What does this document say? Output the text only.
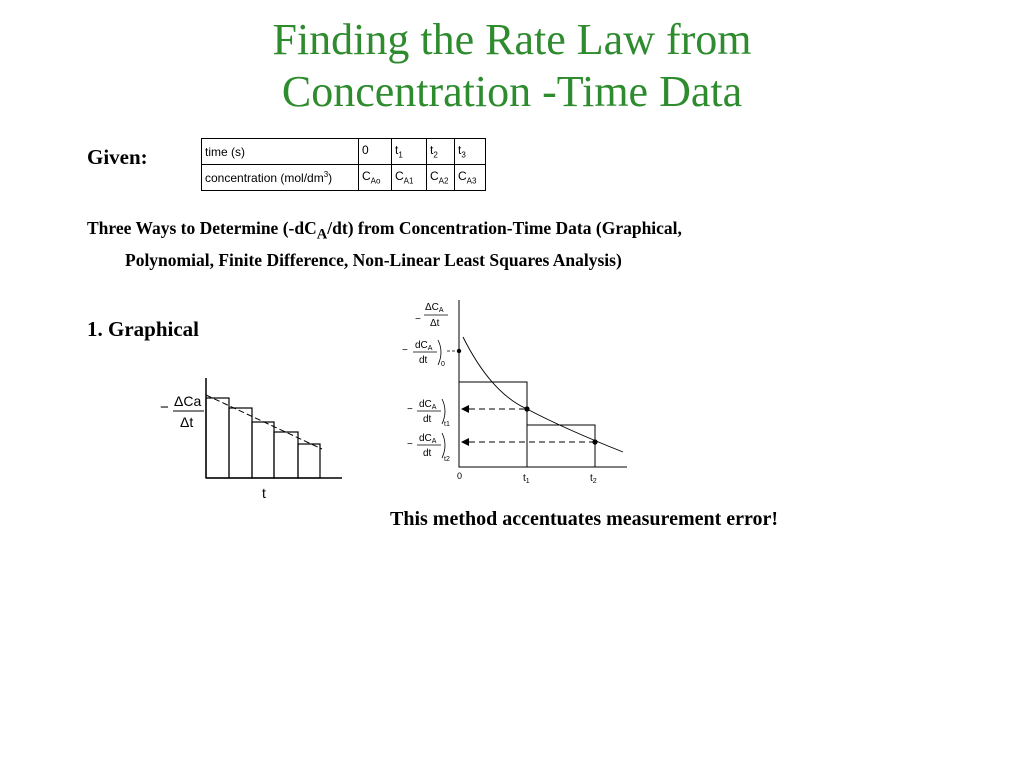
Finding the Rate Law from
Concentration -Time Data
Given:	time (s)	0	$t_1$	$t_2$	$t_3$
concentration $(mol/dm^3)$	$C_{Ao}$	$C_{A1}$	$C_{A2}$	$C_{A3}$
Three Ways to Determine $(-dC_A/dt)$ from Concentration-Time Data (Graphical,
Polynomial, Finite Difference, Non-Linear Least Squares Analysis)
1. Graphical
− ΔCa
Δt
t
−
$\Delta C_A$
Δt
− $dC_A$
dt 0
− $dC_A$
dt t1
−
$dC_A$
dt
t2
0	$t_1$	$t_2$
This method accentuates measurement error!
